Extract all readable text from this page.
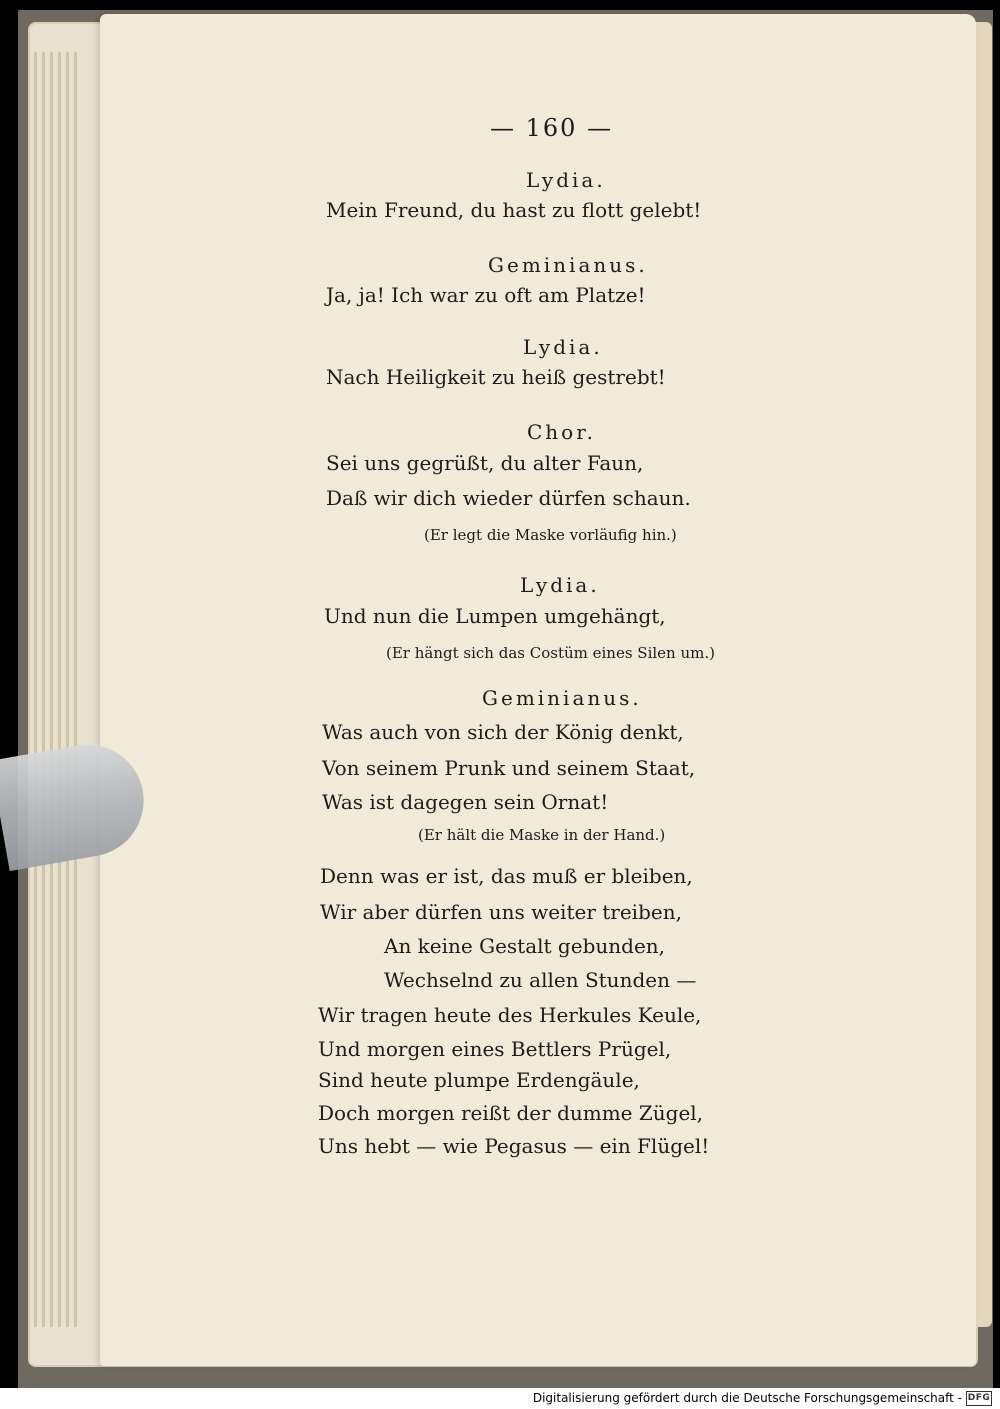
— 160 —
Lydia.
Mein Freund, du hast zu flott gelebt!
Geminianus.
Ja, ja! Ich war zu oft am Platze!
Lydia.
Nach Heiligkeit zu heiß gestrebt!
Chor.
Sei uns gegrüßt, du alter Faun,
Daß wir dich wieder dürfen schaun.
(Er legt die Maske vorläufig hin.)
Lydia.
Und nun die Lumpen umgehängt,
(Er hängt sich das Costüm eines Silen um.)
Geminianus.
Was auch von sich der König denkt,
Von seinem Prunk und seinem Staat,
Was ist dagegen sein Ornat!
(Er hält die Maske in der Hand.)
Denn was er ist, das muß er bleiben,
Wir aber dürfen uns weiter treiben,
An keine Gestalt gebunden,
Wechselnd zu allen Stunden —
Wir tragen heute des Herkules Keule,
Und morgen eines Bettlers Prügel,
Sind heute plumpe Erdengäule,
Doch morgen reißt der dumme Zügel,
Uns hebt — wie Pegasus — ein Flügel!
Digitalisierung gefördert durch die Deutsche Forschungsgemeinschaft - DFG
